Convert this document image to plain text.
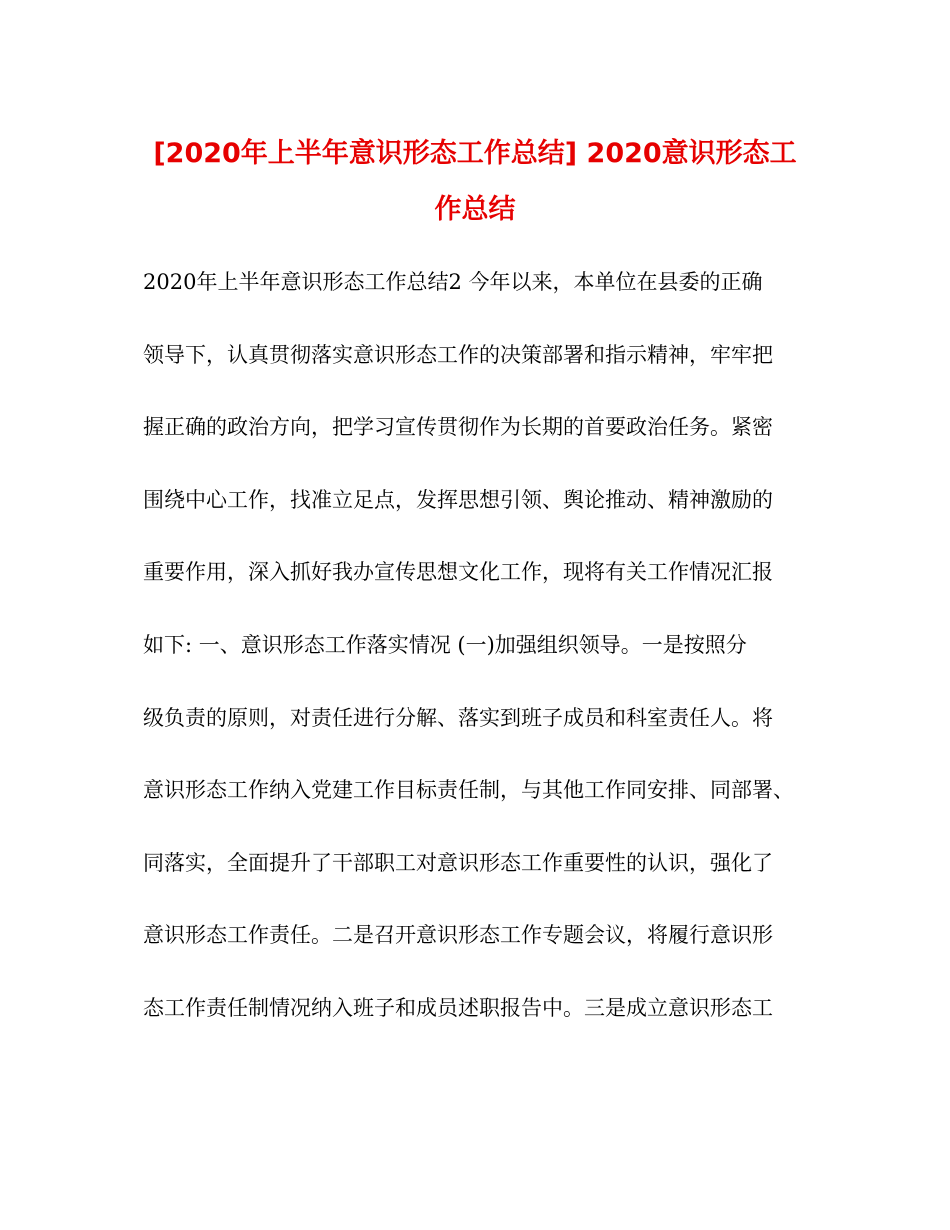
[2020年上半年意识形态工作总结] 2020意识形态工
作总结
2020年上半年意识形态工作总结2 今年以来，本单位在县委的正确
领导下，认真贯彻落实意识形态工作的决策部署和指示精神，牢牢把
握正确的政治方向，把学习宣传贯彻作为长期的首要政治任务。紧密
围绕中心工作，找准立足点，发挥思想引领、舆论推动、精神激励的
重要作用，深入抓好我办宣传思想文化工作，现将有关工作情况汇报
如下: 一、意识形态工作落实情况 (一)加强组织领导。一是按照分
级负责的原则，对责任进行分解、落实到班子成员和科室责任人。将
意识形态工作纳入党建工作目标责任制，与其他工作同安排、同部署、
同落实，全面提升了干部职工对意识形态工作重要性的认识，强化了
意识形态工作责任。二是召开意识形态工作专题会议，将履行意识形
态工作责任制情况纳入班子和成员述职报告中。三是成立意识形态工
